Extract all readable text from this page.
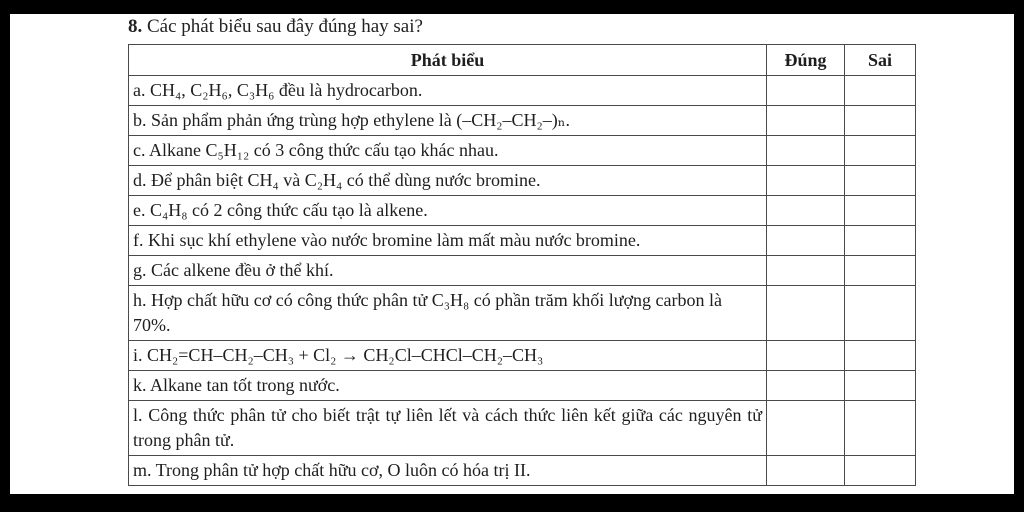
8. Các phát biểu sau đây đúng hay sai?
Phát biểu	Đúng	Sai
a. CH₄, C₂H₆, C₃H₆ đều là hydrocarbon.		
b. Sản phẩm phản ứng trùng hợp ethylene là (–CH₂–CH₂–)ₙ.		
c. Alkane C₅H₁₂ có 3 công thức cấu tạo khác nhau.		
d. Để phân biệt CH₄ và C₂H₄ có thể dùng nước bromine.		
e. C₄H₈ có 2 công thức cấu tạo là alkene.		
f. Khi sục khí ethylene vào nước bromine làm mất màu nước bromine.		
g. Các alkene đều ở thể khí.		
h. Hợp chất hữu cơ có công thức phân tử C₃H₈ có phần trăm khối lượng carbon là 70%.		
i. CH₂=CH–CH₂–CH₃ + Cl₂ → CH₂Cl–CHCl–CH₂–CH₃		
k. Alkane tan tốt trong nước.		
l. Công thức phân tử cho biết trật tự liên lết và cách thức liên kết giữa các nguyên tử trong phân tử.		
m. Trong phân tử hợp chất hữu cơ, O luôn có hóa trị II.		
